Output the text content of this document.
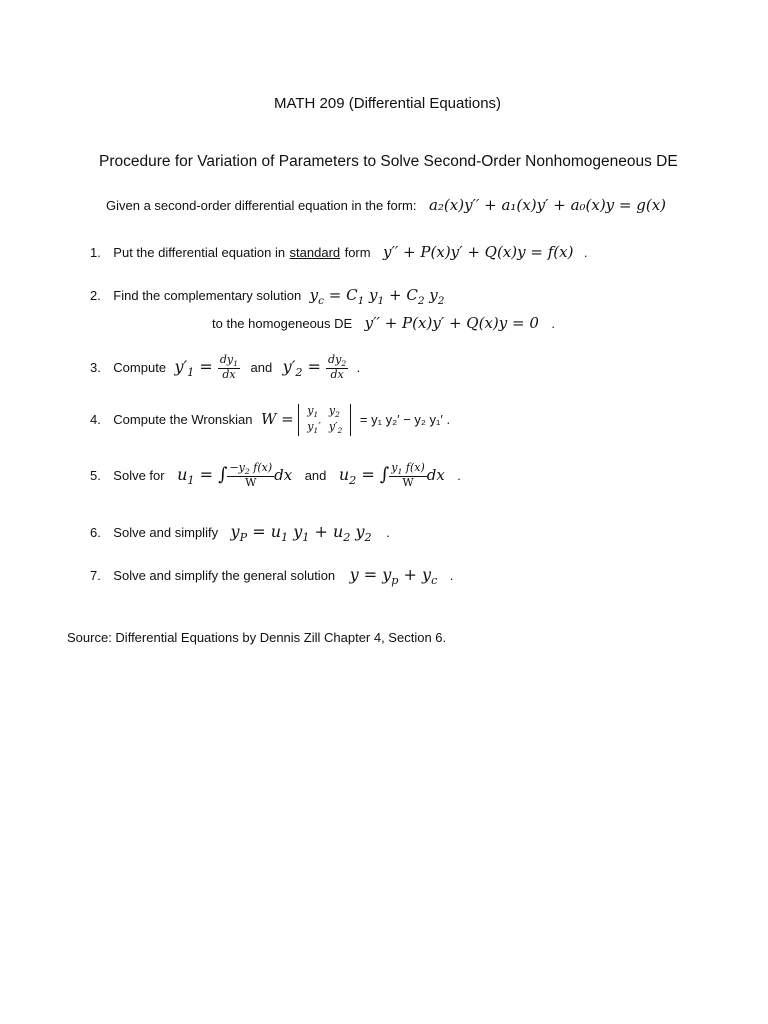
MATH 209 (Differential Equations)
Procedure for Variation of Parameters to Solve Second-Order Nonhomogeneous DE
Given a second-order differential equation in the form: a₂(x)y′′ + a₁(x)y′ + a₀(x)y = g(x)
1. Put the differential equation in standard form y′′ + P(x)y′ + Q(x)y = f(x) .
2. Find the complementary solution $y_c = C_1$ $y_1 + C_2$ $y_2$
to the homogeneous DE y′′ + P(x)y′ + Q(x)y = 0 .
3. Compute $y'_1 = \frac{dy_1}{dx}$ and $y'_2 = \frac{dy_2}{dx}$ .
4. Compute the Wronskian $W = y_1$	$y_2$
$y_1'$	$y'_2$
= y₁ y₂′ − y₂ y₁′ .
5. Solve for $u_1$ = ∫ $\frac{-y_2 f(x)}{W}$ dx and $u_2$ = ∫ $\frac{y_1 f(x)}{W}$ dx .
6. Solve and simplify $y_P = u_1$ $y_1 + u_2$ $y_2$ .
7. Solve and simplify the general solution $y = y_p + y_c$ .
Source: Differential Equations by Dennis Zill Chapter 4, Section 6.
